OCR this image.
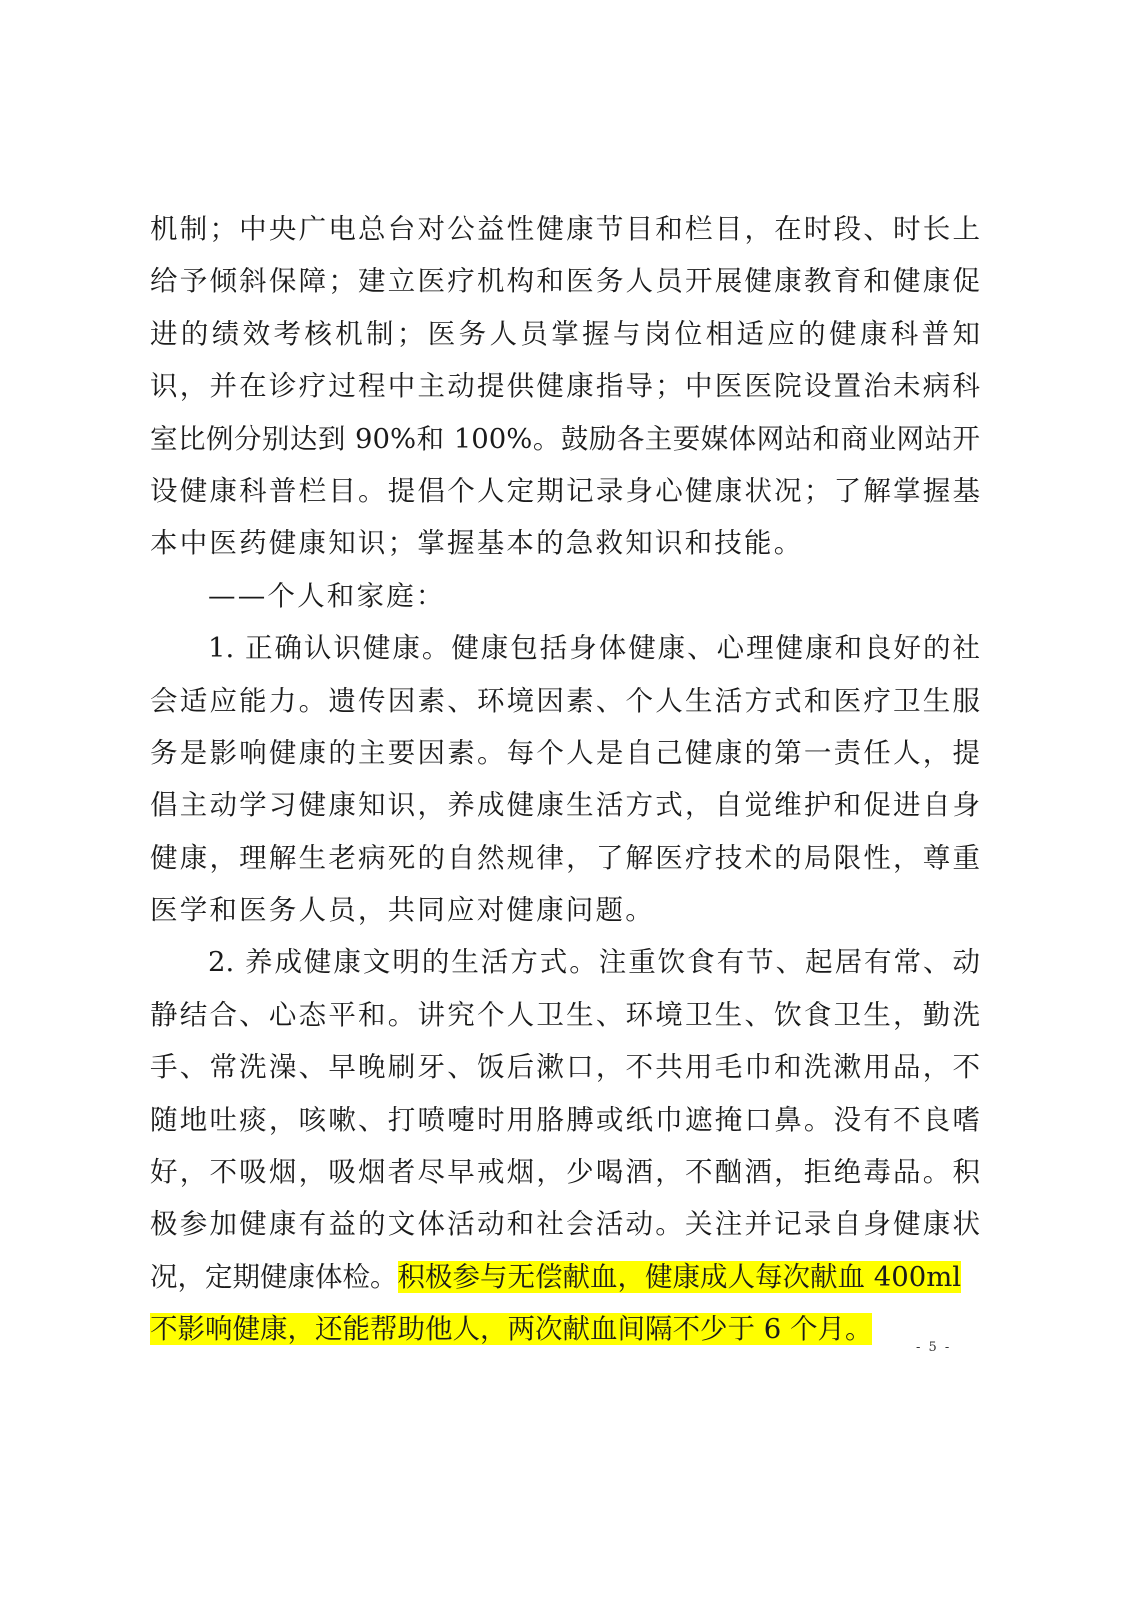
机制；中央广电总台对公益性健康节目和栏目，在时段、时长上
给予倾斜保障；建立医疗机构和医务人员开展健康教育和健康促
进的绩效考核机制；医务人员掌握与岗位相适应的健康科普知
识，并在诊疗过程中主动提供健康指导；中医医院设置治未病科
室比例分别达到 90%和 100%。鼓励各主要媒体网站和商业网站开
设健康科普栏目。提倡个人定期记录身心健康状况；了解掌握基
本中医药健康知识；掌握基本的急救知识和技能。
——个人和家庭：
1. 正确认识健康。健康包括身体健康、心理健康和良好的社
会适应能力。遗传因素、环境因素、个人生活方式和医疗卫生服
务是影响健康的主要因素。每个人是自己健康的第一责任人，提
倡主动学习健康知识，养成健康生活方式，自觉维护和促进自身
健康，理解生老病死的自然规律，了解医疗技术的局限性，尊重
医学和医务人员，共同应对健康问题。
2. 养成健康文明的生活方式。注重饮食有节、起居有常、动
静结合、心态平和。讲究个人卫生、环境卫生、饮食卫生，勤洗
手、常洗澡、早晚刷牙、饭后漱口，不共用毛巾和洗漱用品，不
随地吐痰，咳嗽、打喷嚏时用胳膊或纸巾遮掩口鼻。没有不良嗜
好，不吸烟，吸烟者尽早戒烟，少喝酒，不酗酒，拒绝毒品。积
极参加健康有益的文体活动和社会活动。关注并记录自身健康状
况，定期健康体检。积极参与无偿献血，健康成人每次献血 400ml
不影响健康，还能帮助他人，两次献血间隔不少于 6 个月。
- 5 -
